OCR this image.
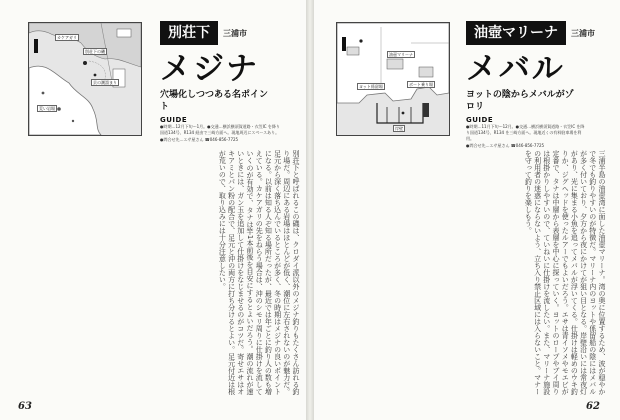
カケアガリ
別荘下の磯
貝の潮溜まり
荒い岩場
別荘下	三浦市
メジナ
穴場化しつつある名ポイント
GUIDE
●時期…12月下旬～1月。●交通…横浜横須賀道路・衣笠IC を降り国道134号、R134 経由で三崎方面へ。現地周辺にスペースあり。
●問合せ先…エサ屋さん ☎046-856-7725
別荘下と呼ばれるこの磯は、クロダイ派以外のメジナ釣りもたくさん訪れる釣り場だ。周辺にある岩場はほとんどが低く、潮位に左右されないのが魅力だ。足元から深く落ち込んでいるところが多く、冬の時期はメジナの良いポイントになる。以前は知る人ぞ知る場所だったが、最近では年ごとに釣り人の数も増えている。カケアガリの先をねらう場合は、沖のシモリ周りに仕掛けを流していくのが有効で、タナは竿1本前後を目安にするとよいだろう。潮の流れが速いときには、ガン玉を追加して仕掛けをなじませるのがコツだ。寄せエサはオキアミとパン粉の配合で、足元と沖の両方に打ち分けるとよい。足元付近は根が荒いので、取り込みには十分注意したい。
63
油壺マリーナ
ヨット係留場	ボート乗り場
岸壁
油壺マリーナ	三浦市
メバル
ヨットの陰からメバルがゾロリ
GUIDE
●時期…11月下旬～12月。●交通…横浜横須賀道路・衣笠IC を降り国道134号、R134 を三崎方面へ。現地近くの有料駐車場を利用。
●問合せ先…エサ屋さん ☎046-856-7725
三浦半島の油壺湾に面した油壺マリーナ。湾の奥に位置するため、波が穏やかで冬でも釣りやすいのが特徴だ。マリーナ内のヨットや係留船の陰にはメバルが多く付いており、夕方から夜にかけてが狙い目となる。岸壁沿いには常夜灯があり、光に集まる小魚を追ってメバルが浮いてくる。仕掛けは軽めのウキ釣りか、ジグヘッドを使ったルアーでもよいだろう。エサは青イソメやモエビが定番で、タナは中層から表層を中心に探っていく。ヨットのロープやブイ周りは根掛かりしやすいので、ていねいに仕掛けを流したい。また、マリーナ施設の利用者の迷惑にならないよう、立ち入り禁止区域には入らないこと。マナーを守って釣りを楽しもう。
62
